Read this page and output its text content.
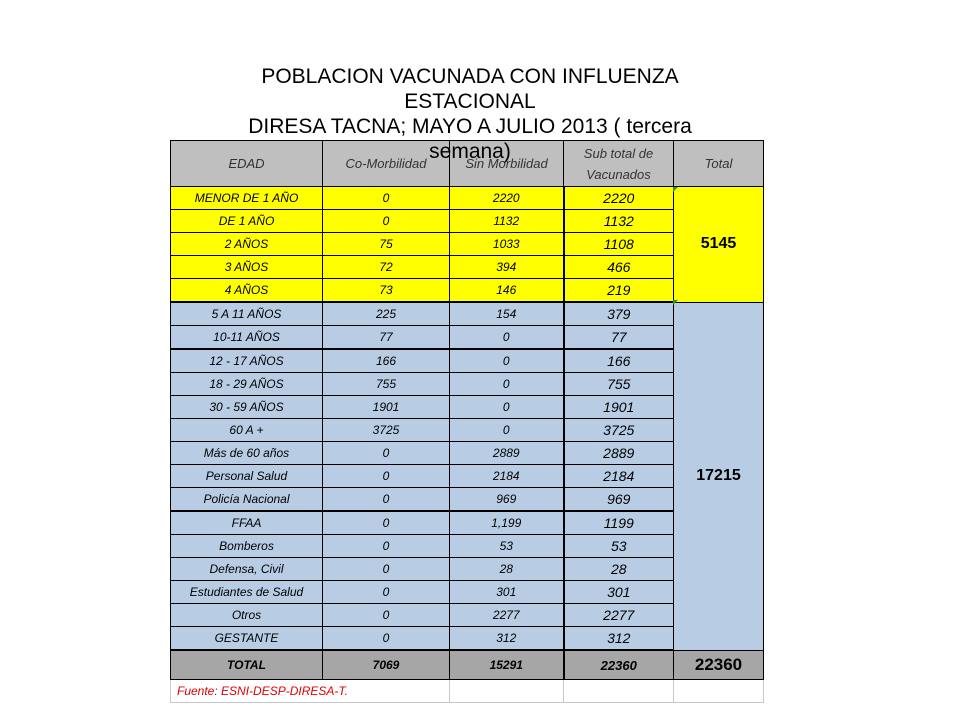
POBLACION VACUNADA CON INFLUENZA
ESTACIONAL
DIRESA TACNA; MAYO A JULIO 2013 ( tercera
semana)
EDAD	Co-Morbilidad	Sin Morbilidad	Sub total de Vacunados	Total
MENOR DE 1 AÑO	0	2220	2220	5145
DE 1 AÑO	0	1132	1132	
2 AÑOS	75	1033	1108	
3 AÑOS	72	394	466	
4 AÑOS	73	146	219	
5 A 11 AÑOS	225	154	379	17215
10-11 AÑOS	77	0	77	
12 - 17 AÑOS	166	0	166	
18 - 29 AÑOS	755	0	755	
30 - 59 AÑOS	1901	0	1901	
60 A +	3725	0	3725	
Más de 60 años	0	2889	2889	
Personal Salud	0	2184	2184	
Policía Nacional	0	969	969	
FFAA	0	1,199	1199	
Bomberos	0	53	53	
Defensa, Civil	0	28	28	
Estudiantes de Salud	0	301	301	
Otros	0	2277	2277	
GESTANTE	0	312	312	
TOTAL	7069	15291	22360	22360
Fuente: ESNI-DESP-DIRESA-T.				
